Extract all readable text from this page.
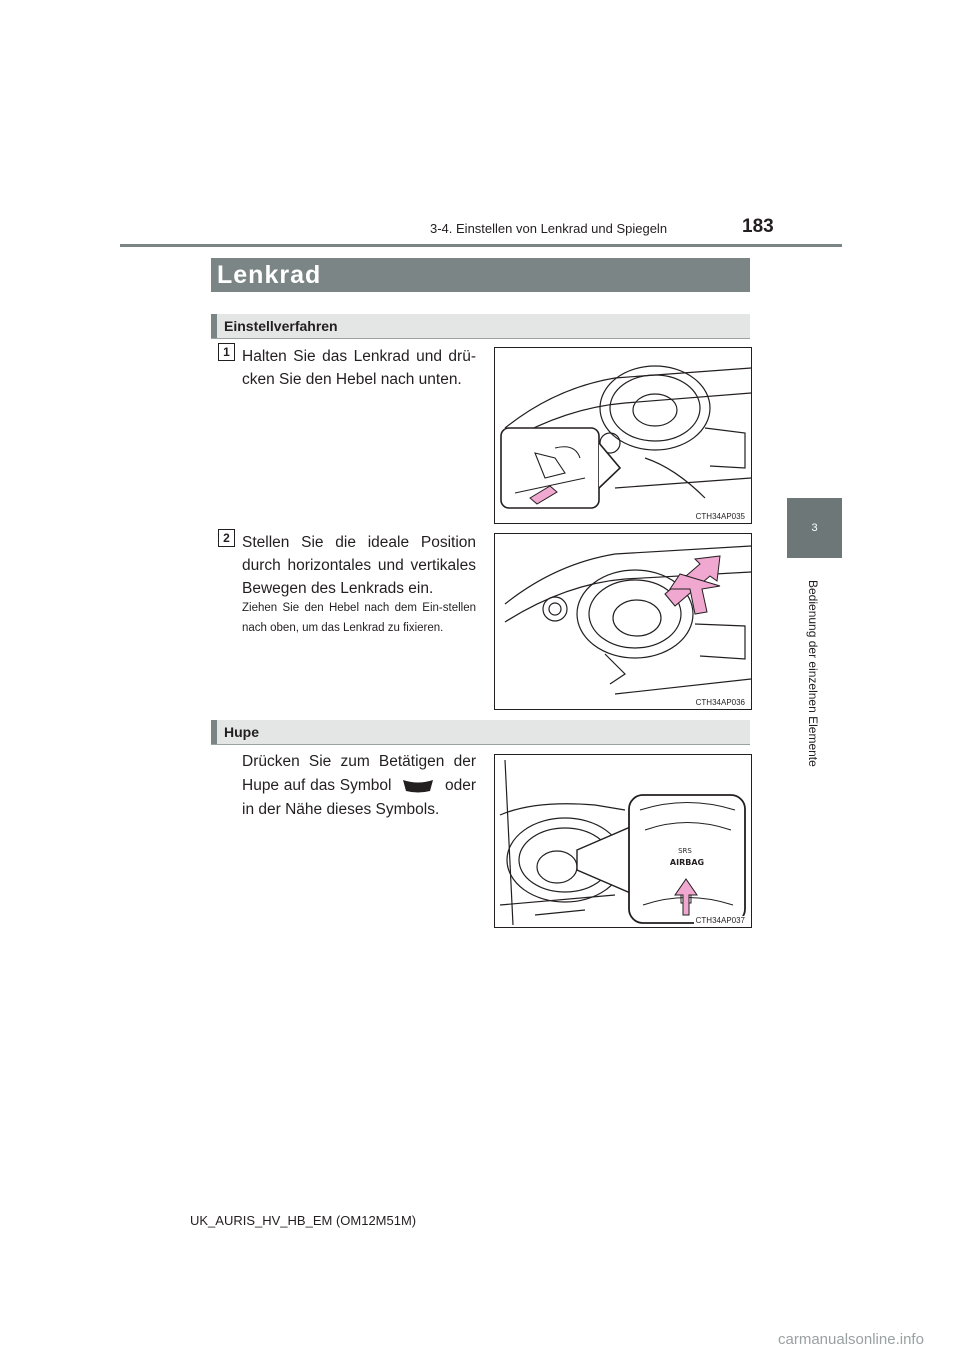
3-4. Einstellen von Lenkrad und Spiegeln	183
3
Bedienung der einzelnen Elemente
Lenkrad
Einstellverfahren
1 Halten Sie das Lenkrad und drü-cken Sie den Hebel nach unten.
CTH34AP035
2 Stellen Sie die ideale Position durch horizontales und vertikales Bewegen des Lenkrads ein.
Ziehen Sie den Hebel nach dem Ein-stellen nach oben, um das Lenkrad zu fixieren.
CTH34AP036
Hupe
Drücken Sie zum Betätigen der Hupe auf das Symbol	oder in der Nähe dieses Symbols.
SRS
AIRBAG
CTH34AP037
UK_AURIS_HV_HB_EM (OM12M51M)
carmanualsonline.info
